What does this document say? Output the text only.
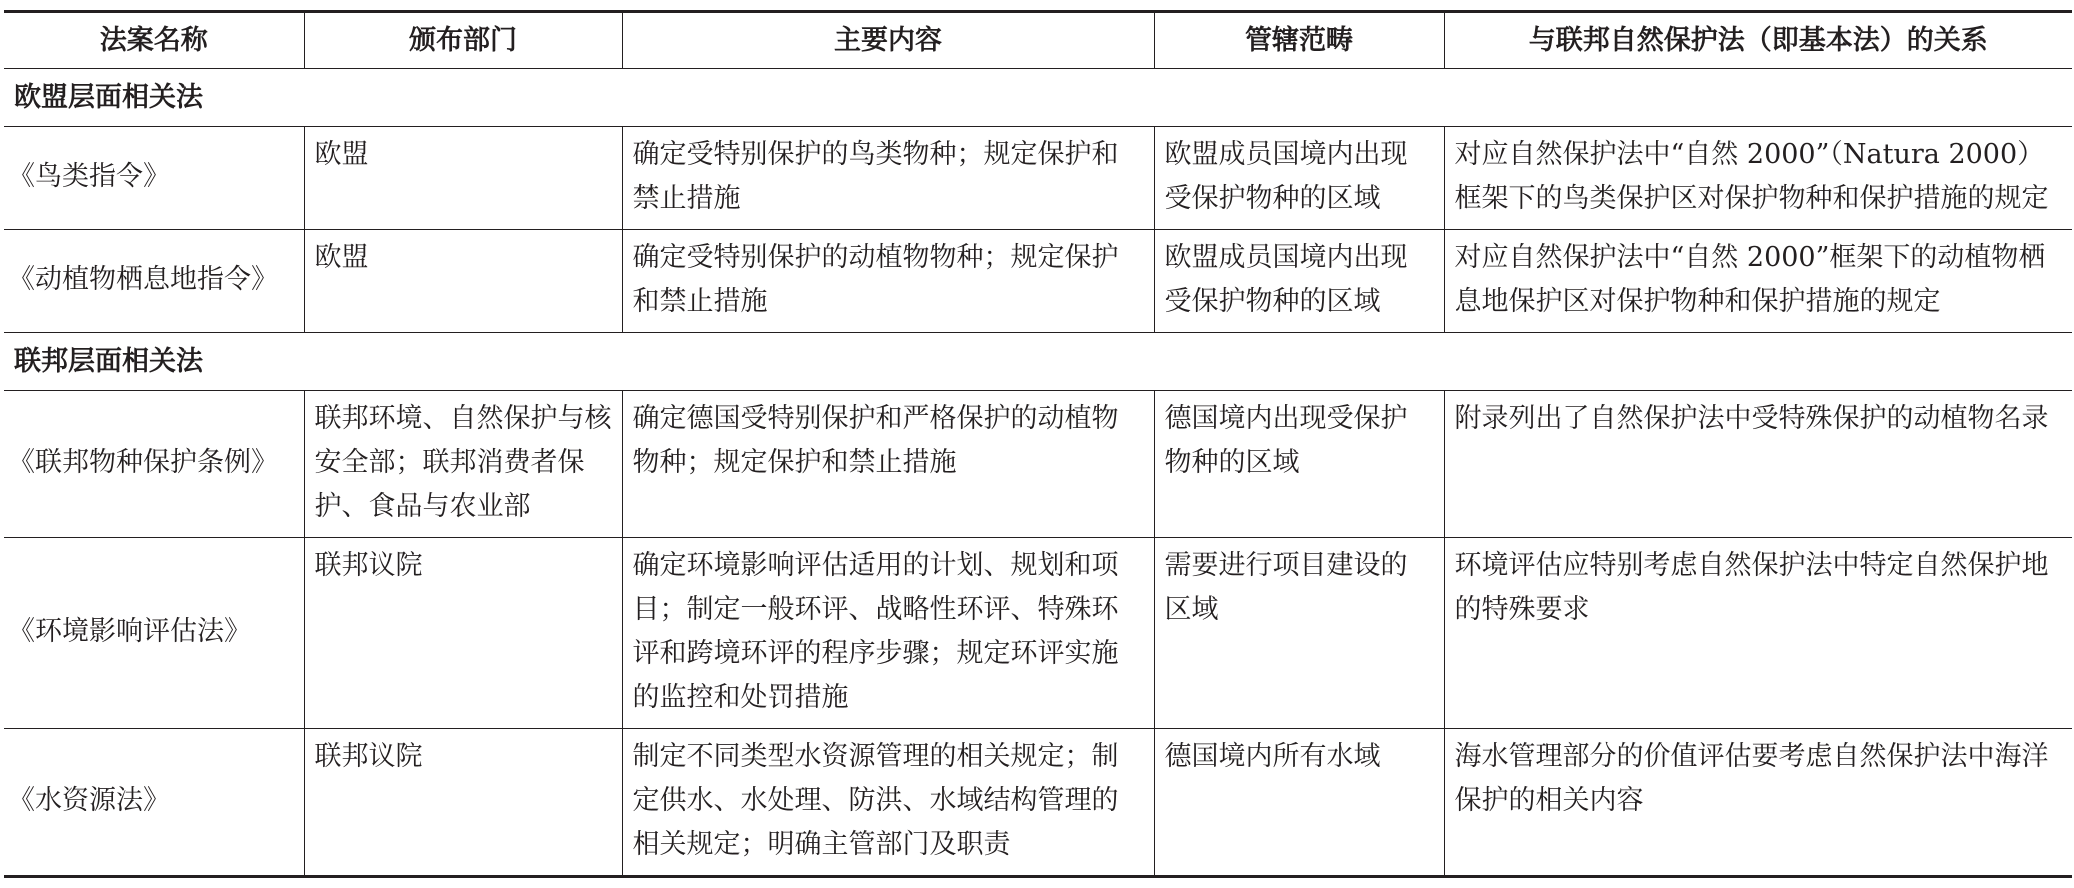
法案名称	颁布部门	主要内容	管辖范畴	与联邦自然保护法（即基本法）的关系
欧盟层面相关法				
《鸟类指令》	欧盟	确定受特别保护的鸟类物种；规定保护和禁止措施	欧盟成员国境内出现受保护物种的区域	对应自然保护法中“自然 2000”（Natura 2000）框架下的鸟类保护区对保护物种和保护措施的规定
《动植物栖息地指令》	欧盟	确定受特别保护的动植物物种；规定保护和禁止措施	欧盟成员国境内出现受保护物种的区域	对应自然保护法中“自然 2000”框架下的动植物栖息地保护区对保护物种和保护措施的规定
联邦层面相关法				
《联邦物种保护条例》	联邦环境、自然保护与核安全部；联邦消费者保护、食品与农业部	确定德国受特别保护和严格保护的动植物物种；规定保护和禁止措施	德国境内出现受保护物种的区域	附录列出了自然保护法中受特殊保护的动植物名录
《环境影响评估法》	联邦议院	确定环境影响评估适用的计划、规划和项目；制定一般环评、战略性环评、特殊环评和跨境环评的程序步骤；规定环评实施的监控和处罚措施	需要进行项目建设的区域	环境评估应特别考虑自然保护法中特定自然保护地的特殊要求
《水资源法》	联邦议院	制定不同类型水资源管理的相关规定；制定供水、水处理、防洪、水域结构管理的相关规定；明确主管部门及职责	德国境内所有水域	海水管理部分的价值评估要考虑自然保护法中海洋保护的相关内容
